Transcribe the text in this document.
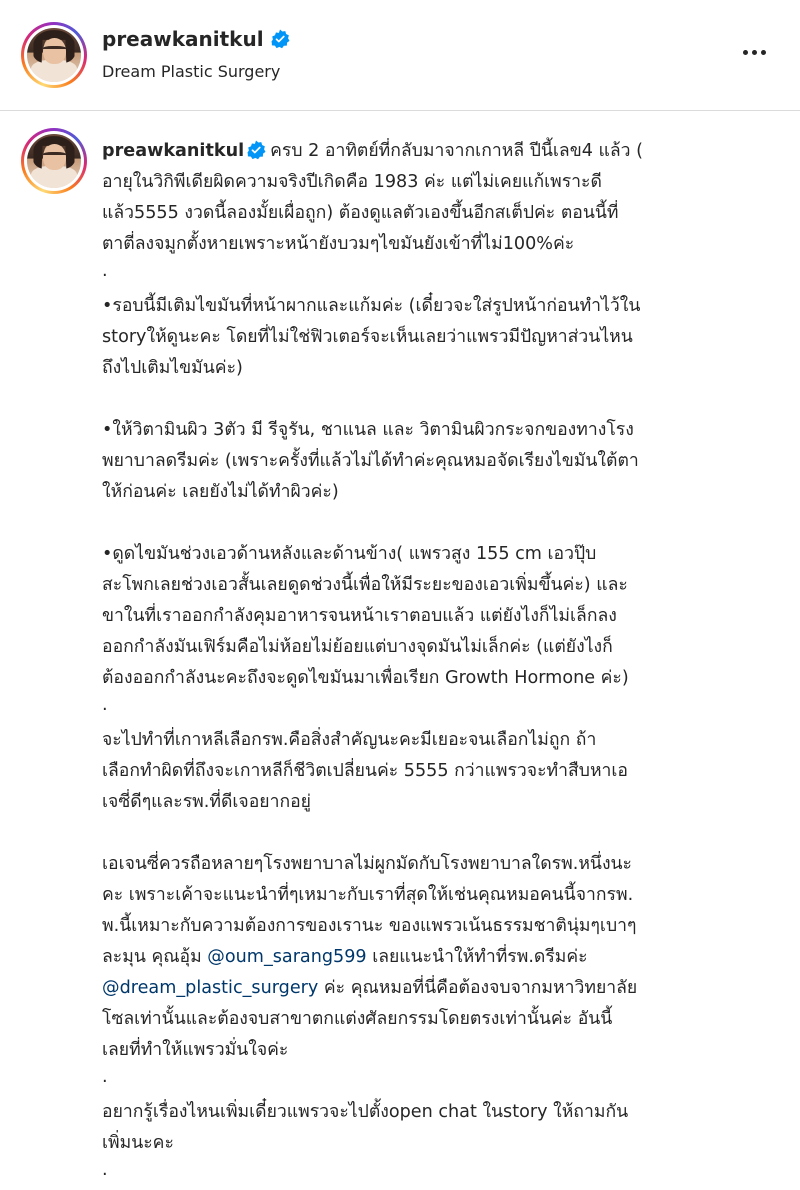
preawkanitkul
Dream Plastic Surgery

preawkanitkul ครบ 2 อาทิตย์ที่กลับมาจากเกาหลี ปีนี้เลข4 แล้ว (

อายุในวิกิพีเดียผิดความจริงปีเกิดคือ 1983 ค่ะ แต่ไม่เคยแก้เพราะดี

แล้ว5555 งวดนี้ลองมั้ยเผื่อถูก) ต้องดูแลตัวเองขึ้นอีกสเต็ปค่ะ ตอนนี้ที่

ตาตี่ลงจมูกตั้งหายเพราะหน้ายังบวมๆไขมันยังเข้าที่ไม่100%ค่ะ

.

•รอบนี้มีเติมไขมันที่หน้าผากและแก้มค่ะ (เดี๋ยวจะใส่รูปหน้าก่อนทำไว้ใน

storyให้ดูนะคะ โดยที่ไม่ใช่ฟิวเตอร์จะเห็นเลยว่าแพรวมีปัญหาส่วนไหน

ถึงไปเติมไขมันค่ะ)

•ให้วิตามินผิว 3ตัว มี รีจูรัน, ชาแนล และ วิตามินผิวกระจกของทางโรง

พยาบาลดรีมค่ะ (เพราะครั้งที่แล้วไม่ได้ทำค่ะคุณหมอจัดเรียงไขมันใต้ตา

ให้ก่อนค่ะ เลยยังไม่ได้ทำผิวค่ะ)

•ดูดไขมันช่วงเอวด้านหลังและด้านข้าง( แพรวสูง 155 cm เอวปุ๊บ

สะโพกเลยช่วงเอวสั้นเลยดูดช่วงนี้เพื่อให้มีระยะของเอวเพิ่มขึ้นค่ะ) และ

ขาในที่เราออกกำลังคุมอาหารจนหน้าเราตอบแล้ว แต่ยังไงก็ไม่เล็กลง

ออกกำลังมันเฟิร์มคือไม่ห้อยไม่ย้อยแต่บางจุดมันไม่เล็กค่ะ (แต่ยังไงก็

ต้องออกกำลังนะคะถึงจะดูดไขมันมาเพื่อเรียก Growth Hormone ค่ะ)

.

จะไปทำที่เกาหลีเลือกรพ.คือสิ่งสำคัญนะคะมีเยอะจนเลือกไม่ถูก ถ้า

เลือกทำผิดที่ถึงจะเกาหลีก็ชีวิตเปลี่ยนค่ะ 5555 กว่าแพรวจะทำสืบหาเอ

เจซี่ดีๆและรพ.ที่ดีเจอยากอยู่

เอเจนซี่ควรถือหลายๆโรงพยาบาลไม่ผูกมัดกับโรงพยาบาลใดรพ.หนึ่งนะ

คะ เพราะเค้าจะแนะนำที่ๆเหมาะกับเราที่สุดให้เช่นคุณหมอคนนี้จากรพ.

พ.นี้เหมาะกับความต้องการของเรานะ ของแพรวเน้นธรรมชาตินุ่มๆเบาๆ

ละมุน คุณอุ้ม @oum_sarang599 เลยแนะนำให้ทำที่รพ.ดรีมค่ะ

@dream_plastic_surgery ค่ะ คุณหมอที่นี่คือต้องจบจากมหาวิทยาลัย

โซลเท่านั้นและต้องจบสาขาตกแต่งศัลยกรรมโดยตรงเท่านั้นค่ะ อันนี้

เลยที่ทำให้แพรวมั่นใจค่ะ

.

อยากรู้เรื่องไหนเพิ่มเดี๋ยวแพรวจะไปตั้งopen chat ในstory ให้ถามกัน

เพิ่มนะคะ

.
